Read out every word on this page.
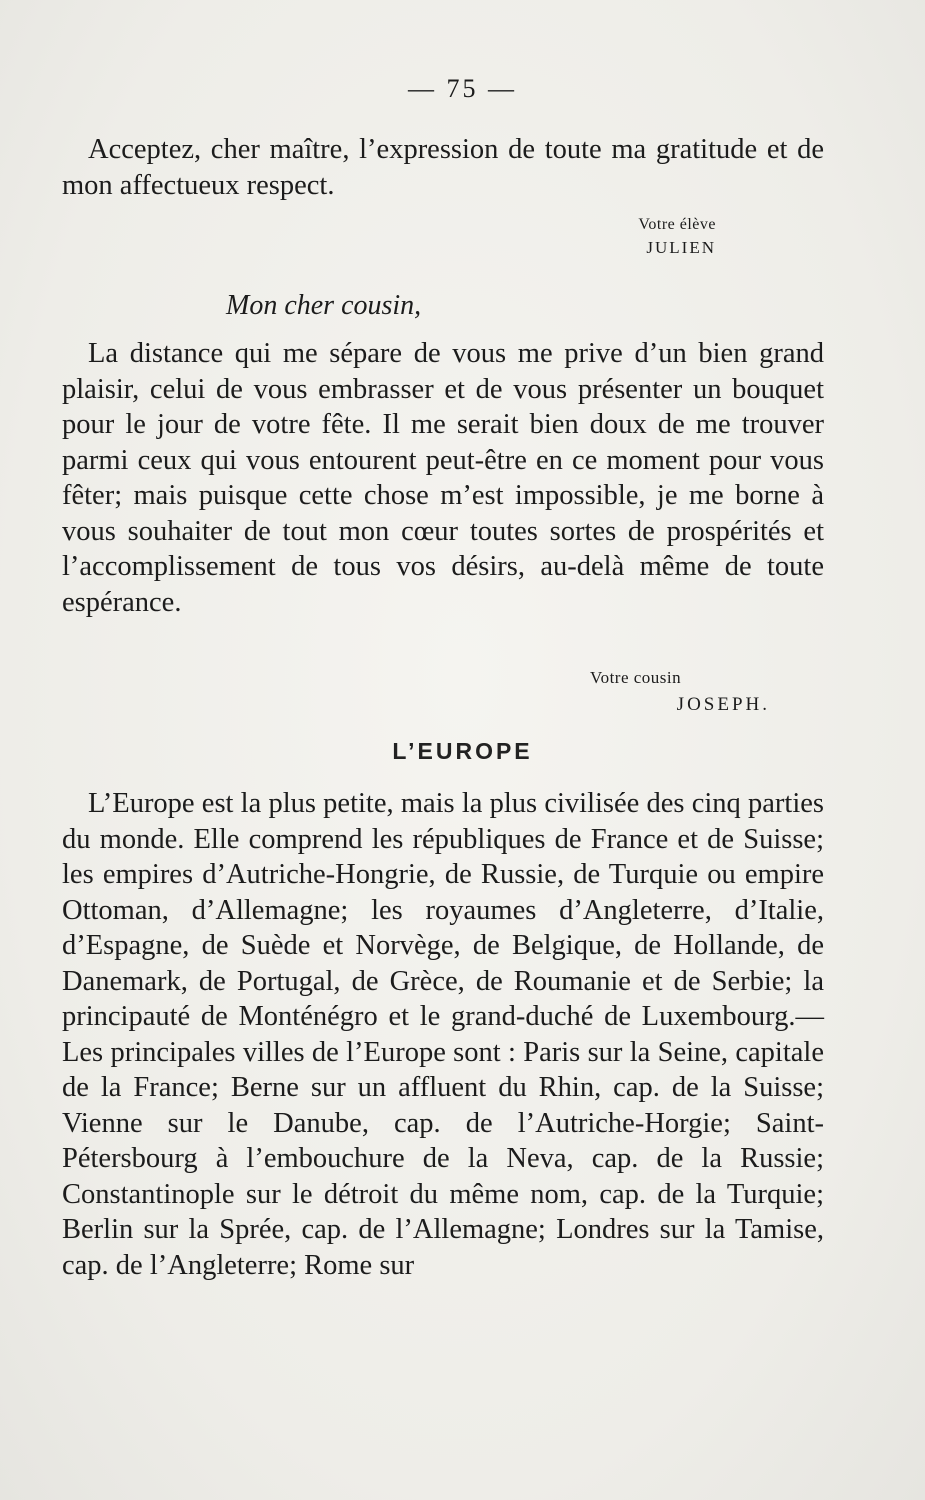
— 75 —

Acceptez, cher maître, l’expression de toute ma gratitude et de mon affectueux respect.

Votre élève
JULIEN
Mon cher cousin,

La distance qui me sépare de vous me prive d’un bien grand plaisir, celui de vous embrasser et de vous présenter un bouquet pour le jour de votre fête. Il me serait bien doux de me trouver parmi ceux qui vous entourent peut-être en ce moment pour vous fêter; mais puisque cette chose m’est impossible, je me borne à vous souhaiter de tout mon cœur toutes sortes de prospérités et l’accomplissement de tous vos désirs, au-delà même de toute espérance.

Votre cousin
JOSEPH.
L’EUROPE

L’Europe est la plus petite, mais la plus civilisée des cinq parties du monde. Elle comprend les républiques de France et de Suisse; les empires d’Autriche-Hongrie, de Russie, de Turquie ou empire Ottoman, d’Allemagne; les royaumes d’Angleterre, d’Italie, d’Espagne, de Suède et Norvège, de Belgique, de Hollande, de Danemark, de Portugal, de Grèce, de Roumanie et de Serbie; la principauté de Monténégro et le grand-duché de Luxembourg.—Les principales villes de l’Europe sont : Paris sur la Seine, capitale de la France; Berne sur un affluent du Rhin, cap. de la Suisse; Vienne sur le Danube, cap. de l’Autriche-Horgie; Saint-Pétersbourg à l’embouchure de la Neva, cap. de la Russie; Constantinople sur le détroit du même nom, cap. de la Turquie; Berlin sur la Sprée, cap. de l’Allemagne; Londres sur la Tamise, cap. de l’Angleterre; Rome sur
